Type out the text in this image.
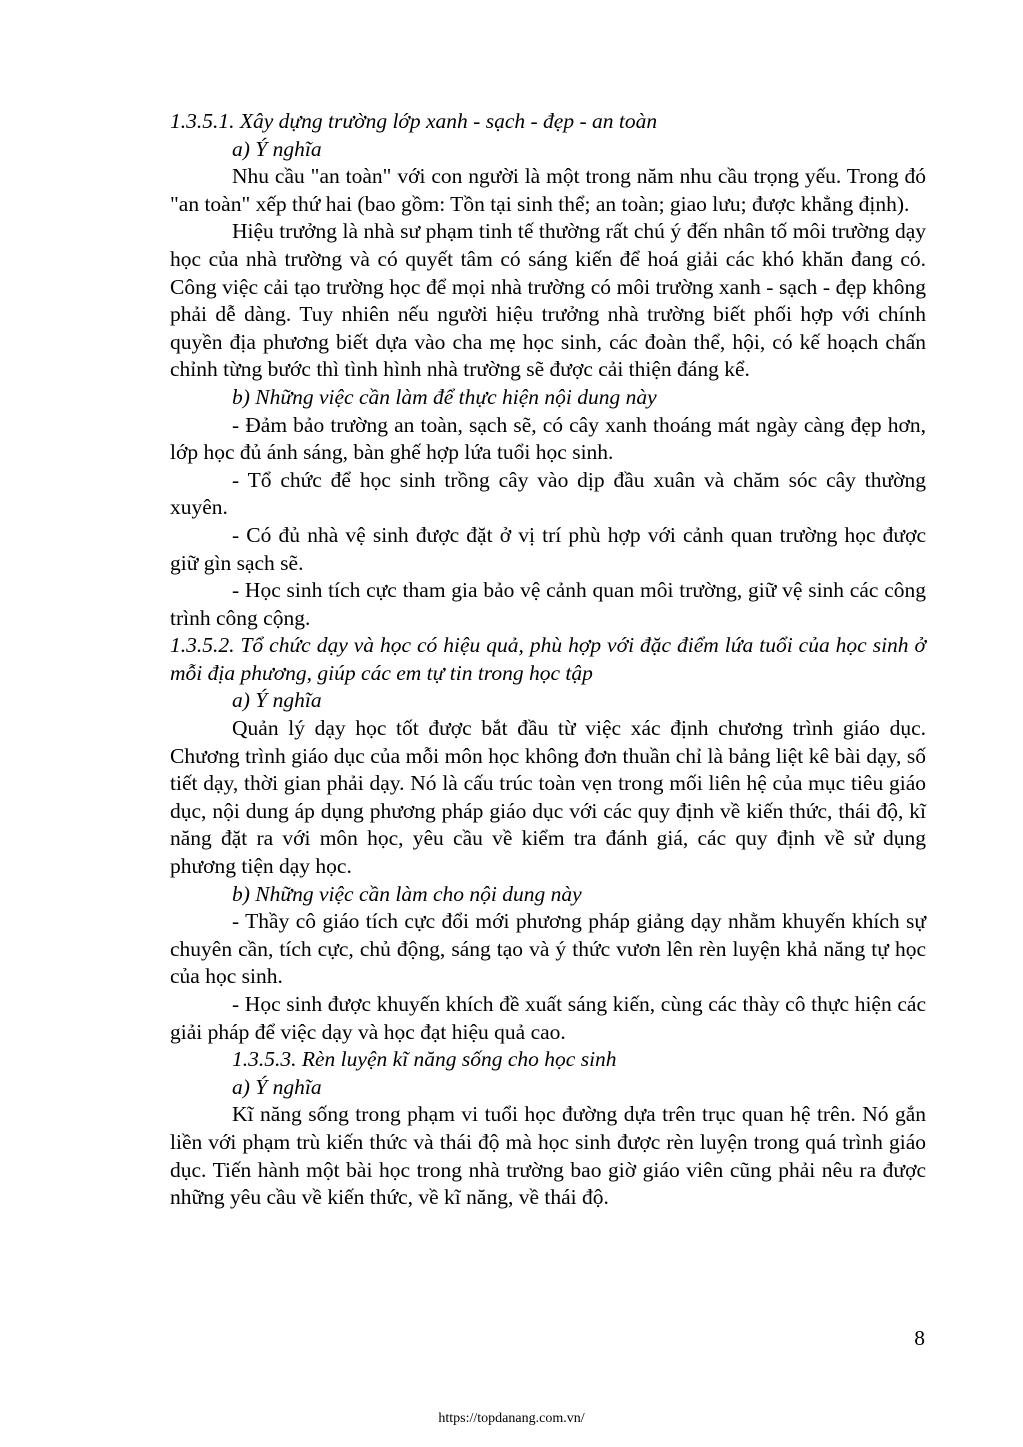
1.3.5.1. Xây dựng trường lớp xanh - sạch - đẹp - an toàn

a) Ý nghĩa

Nhu cầu "an toàn" với con người là một trong năm nhu cầu trọng yếu. Trong đó "an toàn" xếp thứ hai (bao gồm: Tồn tại sinh thể; an toàn; giao lưu; được khẳng định).

Hiệu trưởng là nhà sư phạm tinh tế thường rất chú ý đến nhân tố môi trường dạy học của nhà trường và có quyết tâm có sáng kiến để hoá giải các khó khăn đang có. Công việc cải tạo trường học để mọi nhà trường có môi trường xanh - sạch - đẹp không phải dễ dàng. Tuy nhiên nếu người hiệu trưởng nhà trường biết phối hợp với chính quyền địa phương biết dựa vào cha mẹ học sinh, các đoàn thể, hội, có kế hoạch chấn chỉnh từng bước thì tình hình nhà trường sẽ được cải thiện đáng kể.

b) Những việc cần làm để thực hiện nội dung này

- Đảm bảo trường an toàn, sạch sẽ, có cây xanh thoáng mát ngày càng đẹp hơn, lớp học đủ ánh sáng, bàn ghế hợp lứa tuổi học sinh.

- Tổ chức để học sinh trồng cây vào dịp đầu xuân và chăm sóc cây thường xuyên.

- Có đủ nhà vệ sinh được đặt ở vị trí phù hợp với cảnh quan trường học được giữ gìn sạch sẽ.

- Học sinh tích cực tham gia bảo vệ cảnh quan môi trường, giữ vệ sinh các công trình công cộng.

1.3.5.2. Tổ chức dạy và học có hiệu quả, phù hợp với đặc điểm lứa tuổi của học sinh ở mỗi địa phương, giúp các em tự tin trong học tập

a) Ý nghĩa

Quản lý dạy học tốt được bắt đầu từ việc xác định chương trình giáo dục. Chương trình giáo dục của mỗi môn học không đơn thuần chỉ là bảng liệt kê bài dạy, số tiết dạy, thời gian phải dạy. Nó là cấu trúc toàn vẹn trong mối liên hệ của mục tiêu giáo dục, nội dung áp dụng phương pháp giáo dục với các quy định về kiến thức, thái độ, kĩ năng đặt ra với môn học, yêu cầu về kiểm tra đánh giá, các quy định về sử dụng phương tiện dạy học.

b) Những việc cần làm cho nội dung này

- Thầy cô giáo tích cực đổi mới phương pháp giảng dạy nhằm khuyến khích sự chuyên cần, tích cực, chủ động, sáng tạo và ý thức vươn lên rèn luyện khả năng tự học của học sinh.

- Học sinh được khuyến khích đề xuất sáng kiến, cùng các thày cô thực hiện các giải pháp để việc dạy và học đạt hiệu quả cao.

1.3.5.3. Rèn luyện kĩ năng sống cho học sinh

a) Ý nghĩa

Kĩ năng sống trong phạm vi tuổi học đường dựa trên trục quan hệ trên. Nó gắn liền với phạm trù kiến thức và thái độ mà học sinh được rèn luyện trong quá trình giáo dục. Tiến hành một bài học trong nhà trường bao giờ giáo viên cũng phải nêu ra được những yêu cầu về kiến thức, về kĩ năng, về thái độ.

8
https://topdanang.com.vn/
